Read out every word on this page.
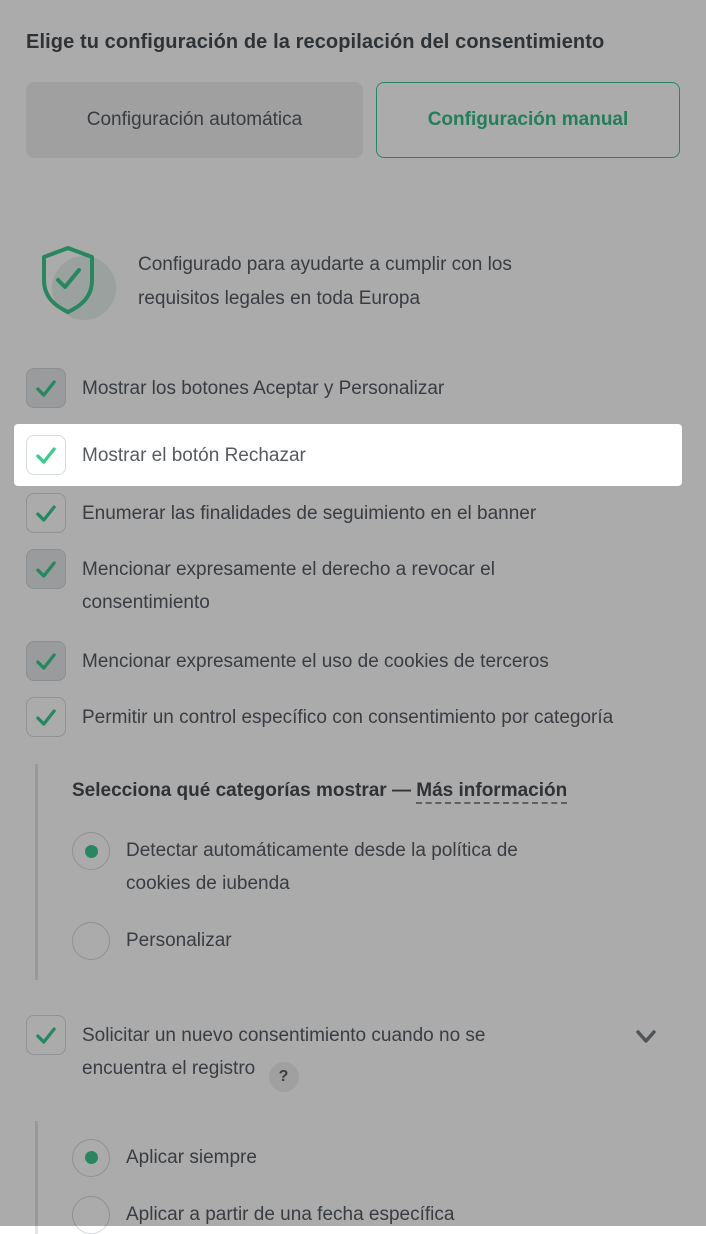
Elige tu configuración de la recopilación del consentimiento
Configuración automática	Configuración manual
Configurado para ayudarte a cumplir con los requisitos legales en toda Europa
Mostrar los botones Aceptar y Personalizar
Mostrar el botón Rechazar
Enumerar las finalidades de seguimiento en el banner
Mencionar expresamente el derecho a revocar el consentimiento
Mencionar expresamente el uso de cookies de terceros
Permitir un control específico con consentimiento por categoría
Selecciona qué categorías mostrar — Más información
Detectar automáticamente desde la política de cookies de iubenda
Personalizar
Solicitar un nuevo consentimiento cuando no se encuentra el registro ?
Aplicar siempre
Aplicar a partir de una fecha específica
